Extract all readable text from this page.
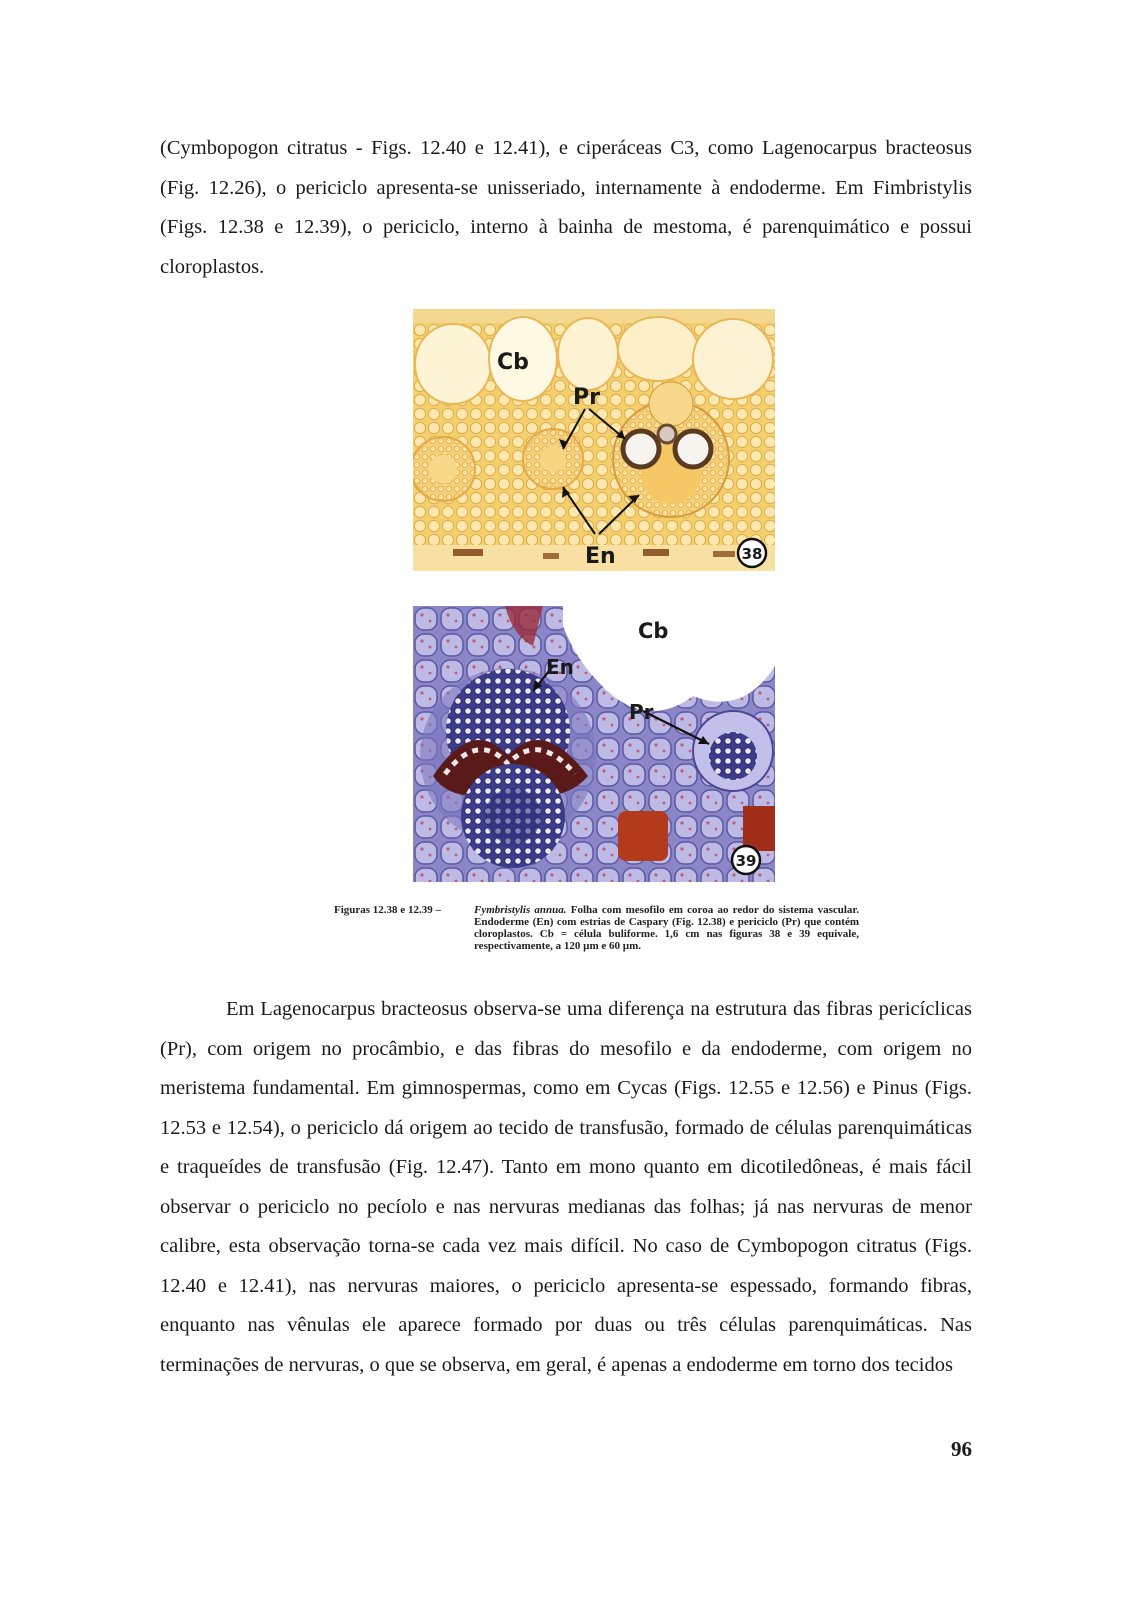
(Cymbopogon citratus - Figs. 12.40 e 12.41), e ciperáceas C3, como Lagenocarpus bracteosus (Fig. 12.26), o periciclo apresenta-se unisseriado, internamente à endoderme. Em Fimbristylis (Figs. 12.38 e 12.39), o periciclo, interno à bainha de mestoma, é parenquimático e possui cloroplastos.

Cb
Pr
En	38
Cb
En
Pr
39
Figuras 12.38 e 12.39 –	Fymbristylis annua. Folha com mesofilo em coroa ao redor do sistema vascular. Endoderme (En) com estrias de Caspary (Fig. 12.38) e periciclo (Pr) que contém cloroplastos. Cb = célula buliforme. 1,6 cm nas figuras 38 e 39 equivale, respectivamente, a 120 µm e 60 µm.

Em Lagenocarpus bracteosus observa-se uma diferença na estrutura das fibras pericíclicas (Pr), com origem no procâmbio, e das fibras do mesofilo e da endoderme, com origem no meristema fundamental. Em gimnospermas, como em Cycas (Figs. 12.55 e 12.56) e Pinus (Figs. 12.53 e 12.54), o periciclo dá origem ao tecido de transfusão, formado de células parenquimáticas e traqueídes de transfusão (Fig. 12.47). Tanto em mono quanto em dicotiledôneas, é mais fácil observar o periciclo no pecíolo e nas nervuras medianas das folhas; já nas nervuras de menor calibre, esta observação torna-se cada vez mais difícil. No caso de Cymbopogon citratus (Figs. 12.40 e 12.41), nas nervuras maiores, o periciclo apresenta-se espessado, formando fibras, enquanto nas vênulas ele aparece formado por duas ou três células parenquimáticas. Nas terminações de nervuras, o que se observa, em geral, é apenas a endoderme em torno dos tecidos

96
